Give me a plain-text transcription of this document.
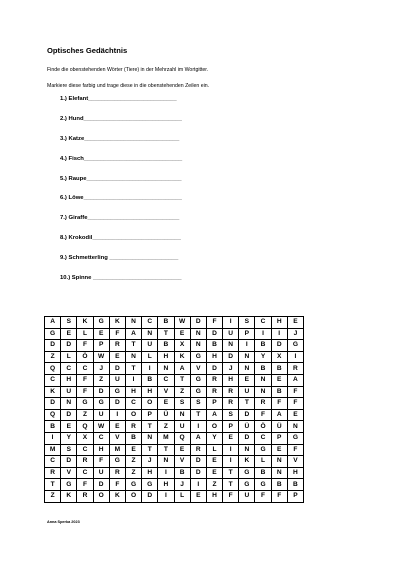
Optisches Gedächtnis
Finde die obenstehenden Wörter (Tiere) in der Mehrzahl im Wortgitter.
Markiere diese farbig und trage diese in die obenstehenden Zeilen ein.
1.) Elefant___________________________
2.) Hund______________________________
3.) Katze_____________________________
4.) Fisch______________________________
5.) Raupe_____________________________
6.) Löwe______________________________
7.) Giraffe____________________________
8.) Krokodil___________________________
9.) Schmetterling _____________________
10.) Spinne ___________________________
A	S	K	G	K	N	C	B	W	D	F	I	S	C	H	E
G	E	L	E	F	A	N	T	E	N	D	U	P	I	I	J
D	D	F	P	R	T	U	B	X	N	B	N	I	B	D	G
Z	L	Ö	W	E	N	L	H	K	G	H	D	N	Y	X	I
Q	C	C	J	D	T	I	N	A	V	D	J	N	B	B	R
C	H	F	Z	U	I	B	C	T	G	R	H	E	N	E	A
K	U	F	D	G	H	H	V	Z	G	R	R	U	N	B	F
D	N	G	G	D	C	O	E	S	S	P	R	T	R	F	F
Q	D	Z	U	I	O	P	Ü	N	T	A	S	D	F	A	E
B	E	Q	W	E	R	T	Z	U	I	O	P	Ü	Ö	Ü	N
I	Y	X	C	V	B	N	M	Q	A	Y	E	D	C	P	G
M	S	C	H	M	E	T	T	E	R	L	I	N	G	E	F
C	D	R	F	G	Z	J	N	V	D	E	I	K	L	N	V
R	V	C	U	R	Z	H	I	B	D	E	T	G	B	N	H
T	G	F	D	F	G	G	H	J	I	Z	T	G	G	B	B
Z	K	R	O	K	O	D	I	L	E	H	F	U	F	F	P
Anna Sperka 2023
